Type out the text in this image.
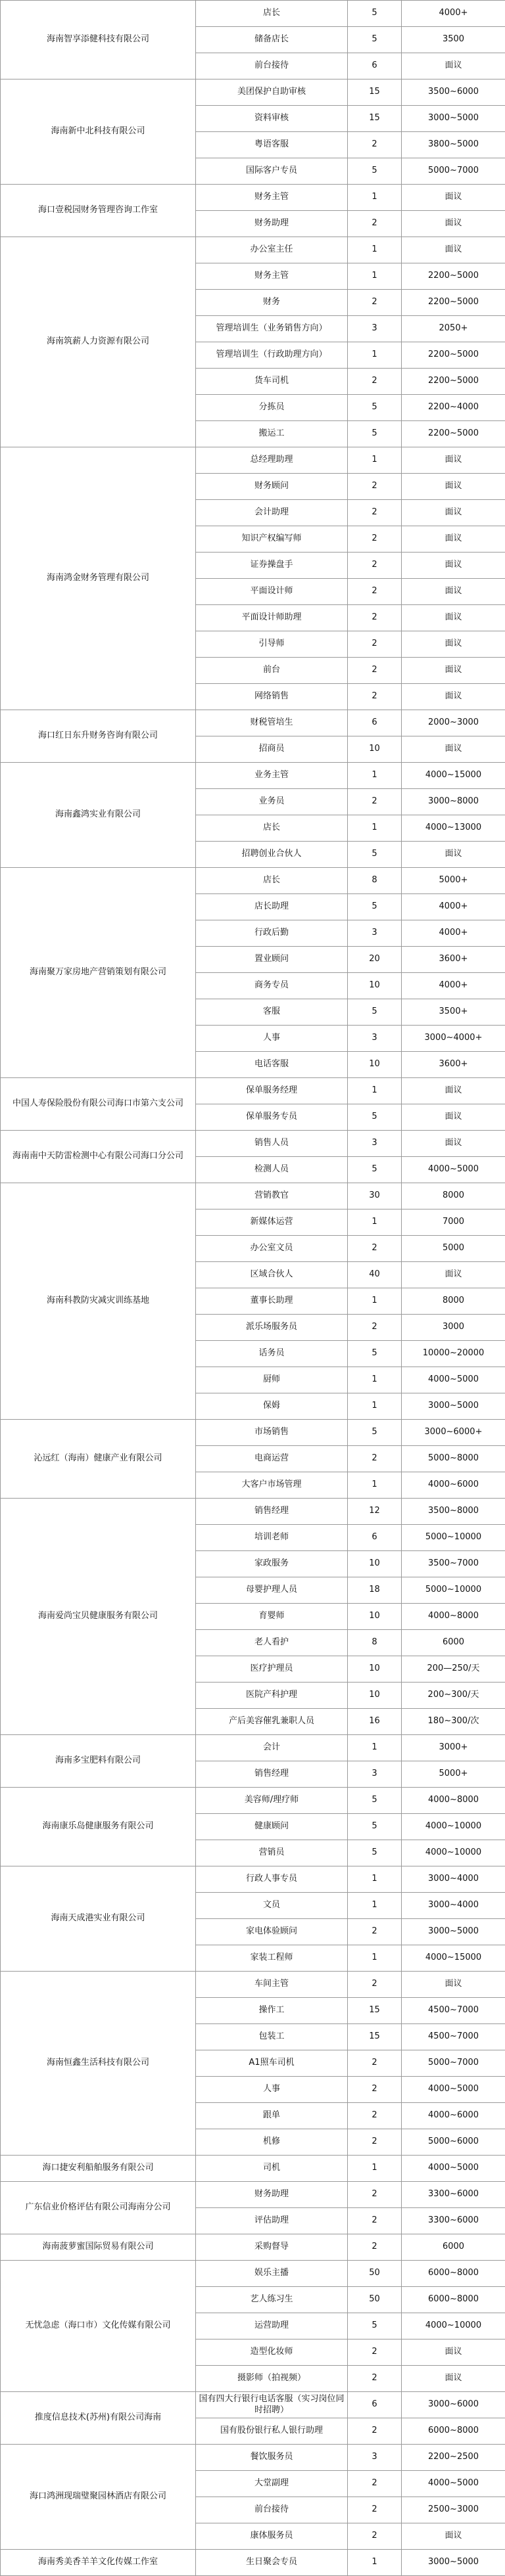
海南智享添健科技有限公司	店长	5	4000+
	储备店长	5	3500
	前台接待	6	面议
海南新中北科技有限公司	美团保护自助审核	15	3500~6000
	资料审核	15	3000~5000
	粤语客服	2	3800~5000
	国际客户专员	5	5000~7000
海口壹税园财务管理咨询工作室	财务主管	1	面议
	财务助理	2	面议
海南筑薪人力资源有限公司	办公室主任	1	面议
	财务主管	1	2200~5000
	财务	2	2200~5000
	管理培训生（业务销售方向）	3	2050+
	管理培训生（行政助理方向）	1	2200~5000
	货车司机	2	2200~5000
	分拣员	5	2200~4000
	搬运工	5	2200~5000
海南鸿金财务管理有限公司	总经理助理	1	面议
	财务顾问	2	面议
	会计助理	2	面议
	知识产权编写师	2	面议
	证券操盘手	2	面议
	平面设计师	2	面议
	平面设计师助理	2	面议
	引导师	2	面议
	前台	2	面议
	网络销售	2	面议
海口红日东升财务咨询有限公司	财税管培生	6	2000~3000
	招商员	10	面议
海南鑫鸿实业有限公司	业务主管	1	4000~15000
	业务员	2	3000~8000
	店长	1	4000~13000
	招聘创业合伙人	5	面议
海南聚万家房地产营销策划有限公司	店长	8	5000+
	店长助理	5	4000+
	行政后勤	3	4000+
	置业顾问	20	3600+
	商务专员	10	4000+
	客服	5	3500+
	人事	3	3000~4000+
	电话客服	10	3600+
中国人寿保险股份有限公司海口市第六支公司	保单服务经理	1	面议
	保单服务专员	5	面议
海南南中天防雷检测中心有限公司海口分公司	销售人员	3	面议
	检测人员	5	4000~5000
海南科教防灾减灾训练基地	营销教官	30	8000
	新媒体运营	1	7000
	办公室文员	2	5000
	区域合伙人	40	面议
	董事长助理	1	8000
	派乐场服务员	2	3000
	话务员	5	10000~20000
	厨师	1	4000~5000
	保姆	1	3000~5000
沁远红（海南）健康产业有限公司	市场销售	5	3000~6000+
	电商运营	2	5000~8000
	大客户市场管理	1	4000~6000
海南爱尚宝贝健康服务有限公司	销售经理	12	3500~8000
	培训老师	6	5000~10000
	家政服务	10	3500~7000
	母婴护理人员	18	5000~10000
	育婴师	10	4000~8000
	老人看护	8	6000
	医疗护理员	10	200—250/天
	医院产科护理	10	200~300/天
	产后美容催乳兼职人员	16	180~300/次
海南多宝肥料有限公司	会计	1	3000+
	销售经理	3	5000+
海南康乐岛健康服务有限公司	美容师/理疗师	5	4000~8000
	健康顾问	5	4000~10000
	营销员	5	4000~10000
海南天成港实业有限公司	行政人事专员	1	3000~4000
	文员	1	3000~4000
	家电体验顾问	2	3000~5000
	家装工程师	1	4000~15000
海南恒鑫生活科技有限公司	车间主管	2	面议
	操作工	15	4500~7000
	包装工	15	4500~7000
	A1照车司机	2	5000~7000
	人事	2	4000~5000
	跟单	2	4000~6000
	机修	2	5000~6000
海口捷安利船舶服务有限公司	司机	1	4000~5000
广东信业价格评估有限公司海南分公司	财务助理	2	3300~6000
	评估助理	2	3300~6000
海南菠萝蜜国际贸易有限公司	采购督导	2	6000
无忧急虑（海口市）文化传媒有限公司	娱乐主播	50	6000~8000
	艺人练习生	50	6000~8000
	运营助理	5	4000~10000
	造型化妆师	2	面议
	摄影师（拍视频）	2	面议
推度信息技术(苏州)有限公司海南	国有四大行银行电话客服（实习岗位同时招聘）	6	3000~6000
	国有股份银行私人银行助理	2	6000~8000
海口鸿洲现瑞璧聚园林酒店有限公司	餐饮服务员	3	2200~2500
	大堂副理	2	4000~5000
	前台接待	2	2500~3000
	康体服务员	2	面议
海南秀美香羊羊文化传媒工作室	生日聚会专员	1	3000~5000
